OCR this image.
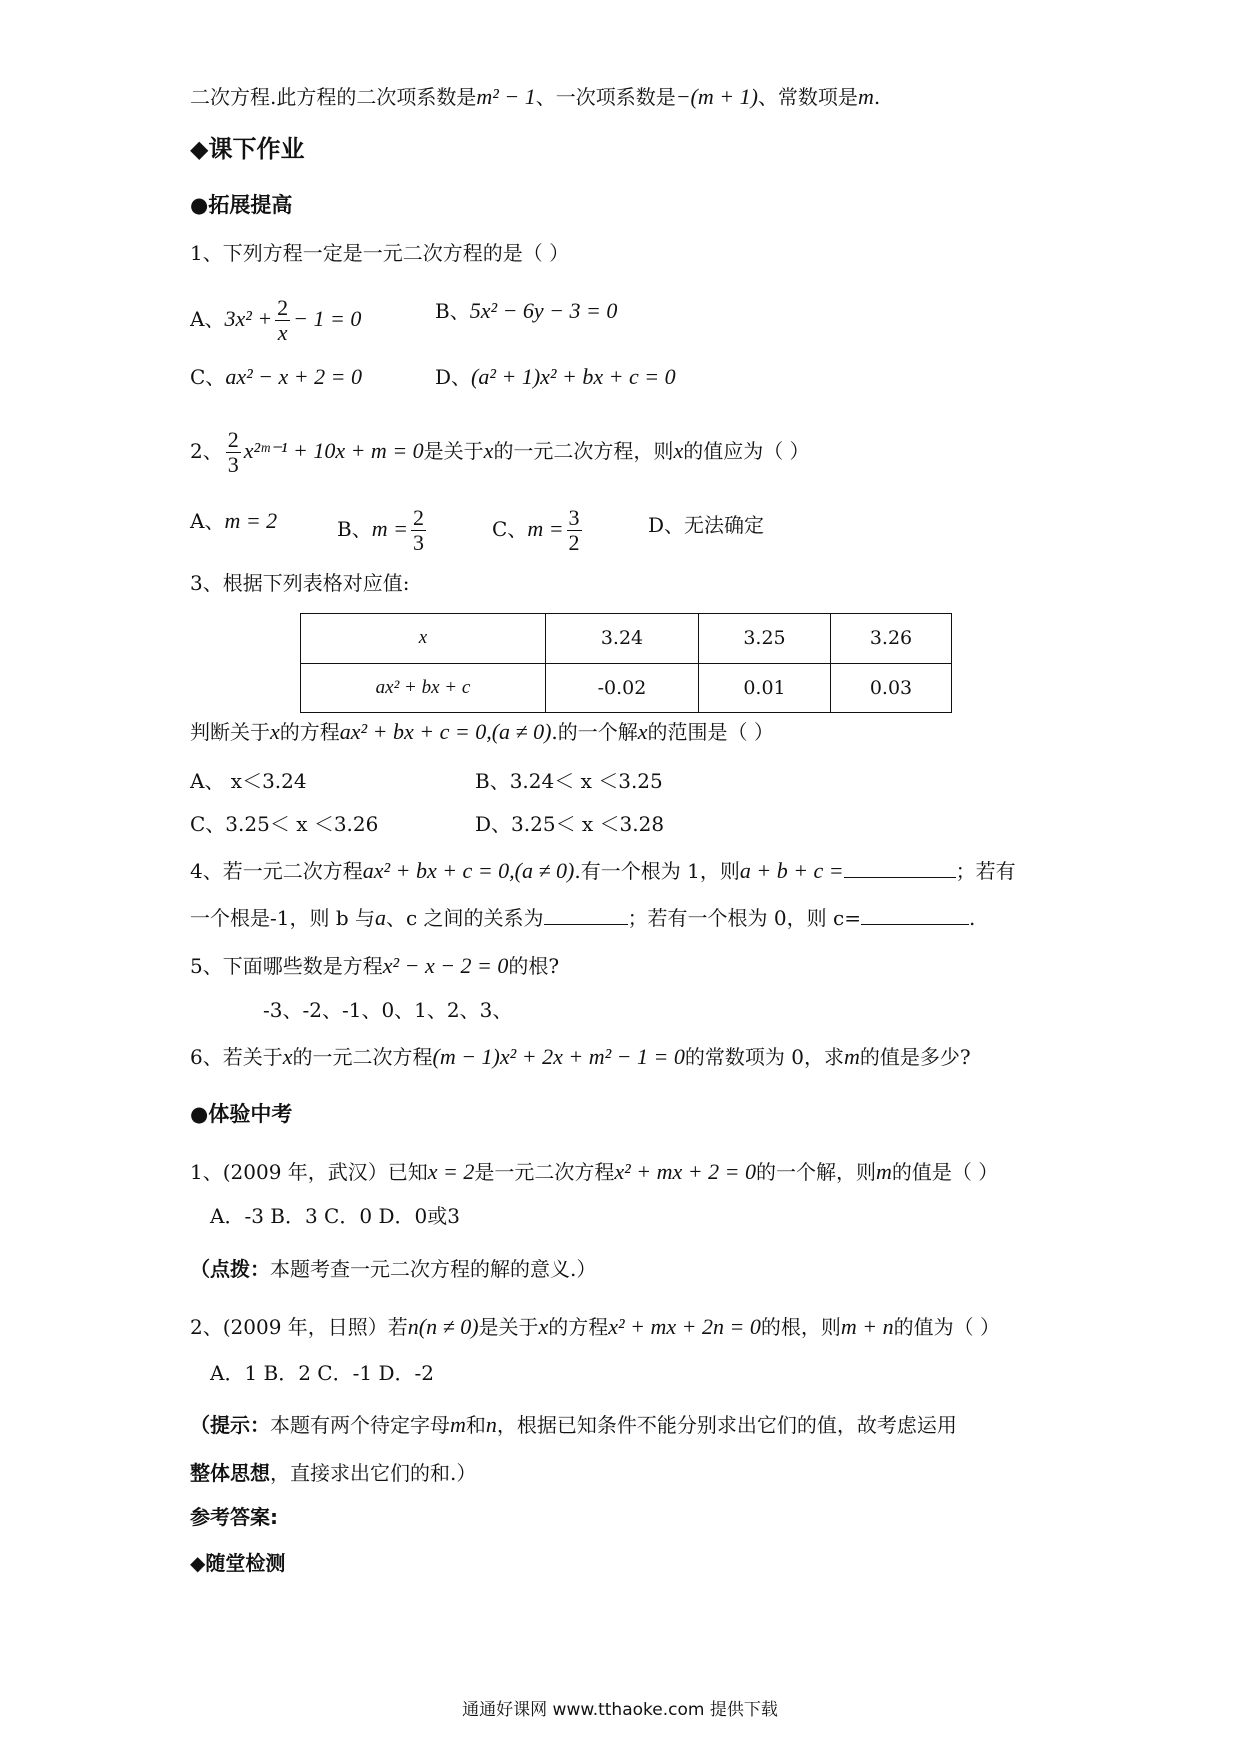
二次方程.此方程的二次项系数是m² − 1、一次项系数是−(m + 1)、常数项是m.
◆课下作业
●拓展提高
1、下列方程一定是一元二次方程的是（ ）
A、$3x^2 + \frac{2}{x} - 1 = 0$	B、5x² − 6y − 3 = 0
C、ax² − x + 2 = 0	D、(a² + 1)x² + bx + c = 0
2、 $\frac{2}{3}$ x²ᵐ⁻¹ + 10x + m = 0是关于x的一元二次方程，则x的值应为（ ）
A、m = 2	B、$m = \frac{2}{3}$	C、$m = \frac{3}{2}$	D、无法确定
3、根据下列表格对应值:
x	3.24	3.25	3.26
ax² + bx + c	-0.02	0.01	0.03
判断关于x的方程ax² + bx + c = 0,(a ≠ 0).的一个解x的范围是（ ）
A、 x＜3.24	B、3.24＜ x ＜3.25
C、3.25＜ x ＜3.26	D、3.25＜ x ＜3.28
4、若一元二次方程ax² + bx + c = 0,(a ≠ 0).有一个根为 1，则a + b + c =	；若有
一个根是-1，则 b 与a、c 之间的关系为	；若有一个根为 0，则 c=	.
5、下面哪些数是方程x² − x − 2 = 0的根?
-3、-2、-1、0、1、2、3、
6、若关于x的一元二次方程(m − 1)x² + 2x + m² − 1 = 0的常数项为 0，求m的值是多少?
●体验中考
1、(2009 年，武汉）已知x = 2是一元二次方程x² + mx + 2 = 0的一个解，则m的值是（ ）
A．-3 B．3 C．0 D．0或3
（点拨：本题考查一元二次方程的解的意义.）
2、(2009 年，日照）若n(n ≠ 0)是关于x的方程x² + mx + 2n = 0的根，则m + n的值为（ ）
A．1 B．2 C．-1 D．-2
（提示：本题有两个待定字母m和n，根据已知条件不能分别求出它们的值，故考虑运用
整体思想，直接求出它们的和.）
参考答案:
◆随堂检测
通通好课网 www.tthaoke.com 提供下载
